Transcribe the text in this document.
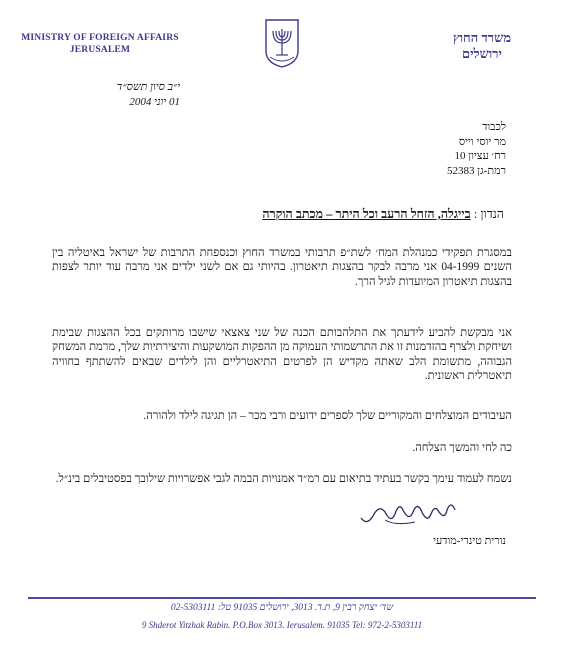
MINISTRY OF FOREIGN AFFAIRS
JERUSALEM
משרד החוץ
ירושלים
י״ב סיון תשס״ד
01 יוני 2004
לכבוד
מר יוסי וייס
רח׳ עציון 10
רמת-גן 52383
הנדון : בייגלה, הזחל הרעב וכל היתר – מכתב הוקרה
במסגרת תפקידי כמנהלת המח׳ לשת״פ תרבותי במשרד החוץ וכנספחת התרבות של ישראל באיטליה בין השנים 04-1999 אני מרבה לבקר בהצגות תיאטרון. בהיותי גם אם לשני ילדים אני מרבה עוד יותר לצפות בהצגות תיאטרון המיועדות לגיל הרך.
אני מבקשת להביע לידעתך את התלהבותם הכנה של שני צאצאי שישבו מרותקים בכל ההצגות שבימת ושיחקת ולצרף בהזדמנות זו את התרשמותי העמוקה מן ההפקות המושקעות והיצירתיות שלך, מרמת המשחק הגבוהה, מתשומת הלב שאתה מקדיש הן לפרטים התיאטרליים והן לילדים שבאים להשתתף בחוויה תיאטרלית ראשונית.
העיבודים המוצלחים והמקוריים שלך לספרים ידועים ורבי מכר – הן תגיגה לילד ולהורה.
כה לחי והמשך הצלחה.
נשמח לעמוד עימך בקשר בעתיד בתיאום עם רמ״ד אמנויות הבמה לגבי אפשרויות שילובך בפסטיבלים בינ״ל.
נורית טינרי-מודעי
שד׳ יצחק רבין 9, ת.ד. 3013, ירושלים 91035 טל: 02-5303111
9 Shderot Yitzhak Rabin. P.O.Box 3013. Ierusalem. 91035 Tel: 972-2-5303111
